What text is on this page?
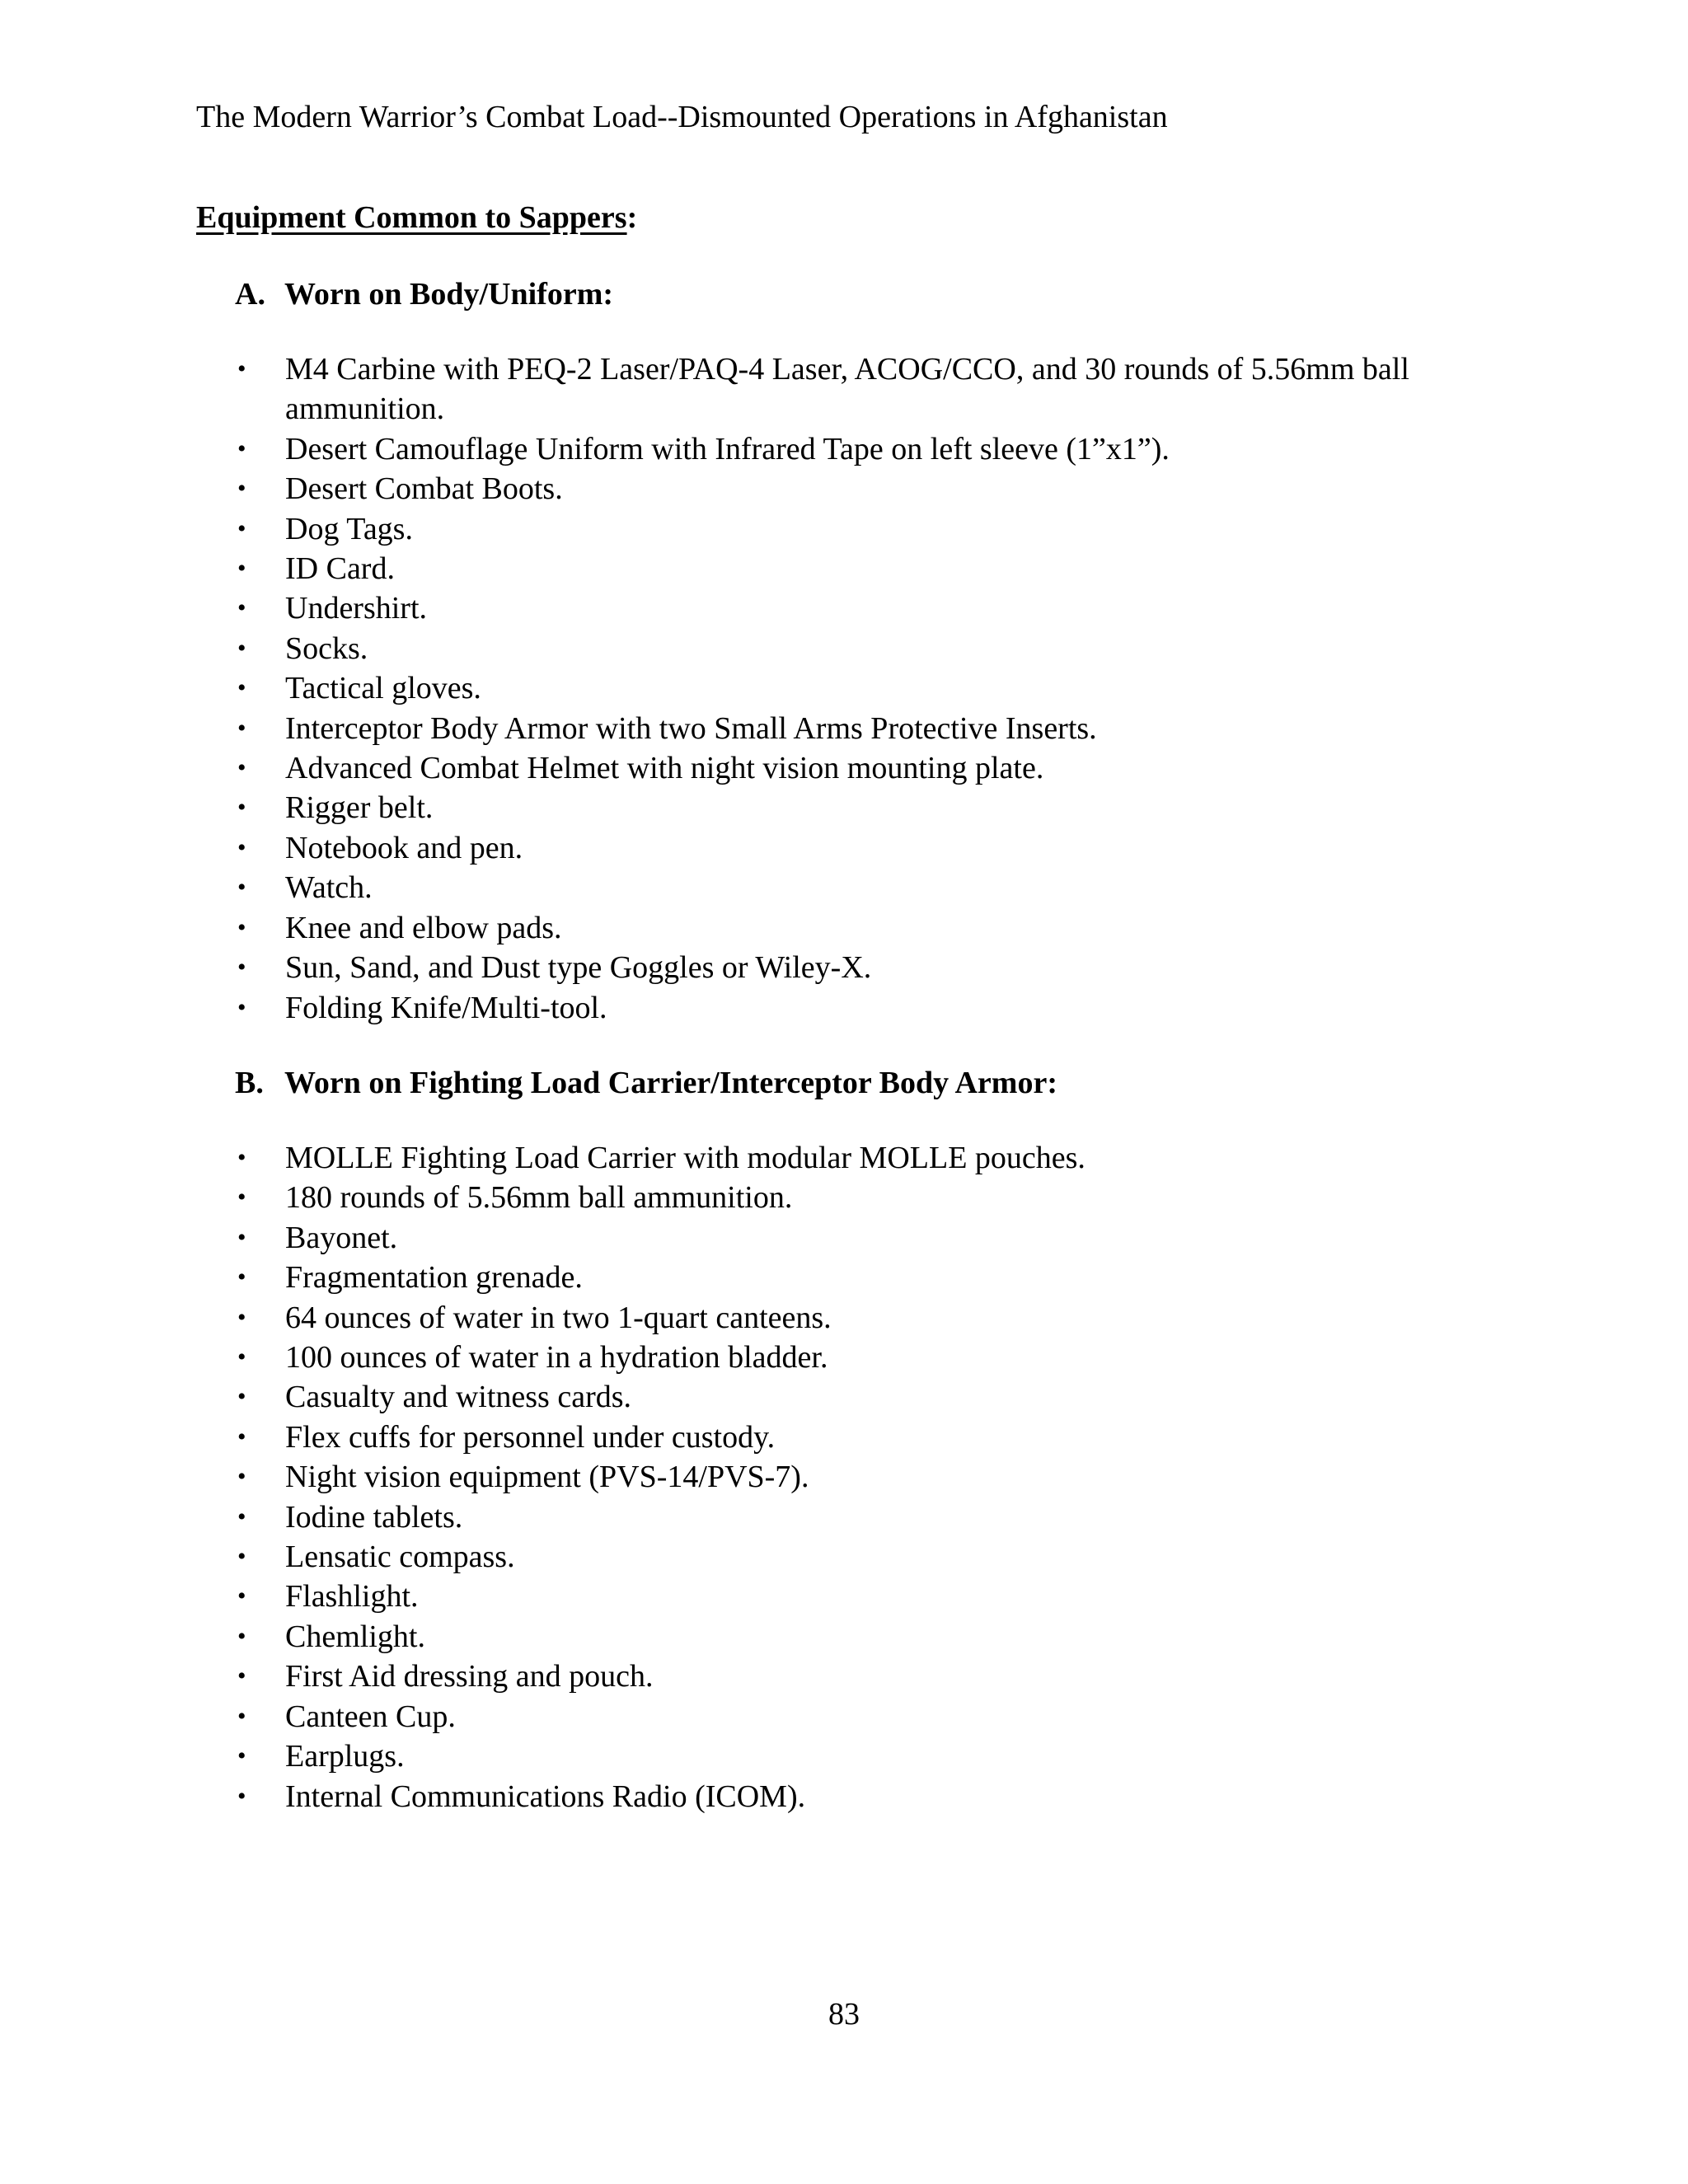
The Modern Warrior’s Combat Load--Dismounted Operations in Afghanistan
Equipment Common to Sappers:
A. Worn on Body/Uniform:
• M4 Carbine with PEQ-2 Laser/PAQ-4 Laser, ACOG/CCO, and 30 rounds of 5.56mm ball ammunition.
• Desert Camouflage Uniform with Infrared Tape on left sleeve (1”x1”).
• Desert Combat Boots.
• Dog Tags.
• ID Card.
• Undershirt.
• Socks.
• Tactical gloves.
• Interceptor Body Armor with two Small Arms Protective Inserts.
• Advanced Combat Helmet with night vision mounting plate.
• Rigger belt.
• Notebook and pen.
• Watch.
• Knee and elbow pads.
• Sun, Sand, and Dust type Goggles or Wiley-X.
• Folding Knife/Multi-tool.
B. Worn on Fighting Load Carrier/Interceptor Body Armor:
• MOLLE Fighting Load Carrier with modular MOLLE pouches.
• 180 rounds of 5.56mm ball ammunition.
• Bayonet.
• Fragmentation grenade.
• 64 ounces of water in two 1-quart canteens.
• 100 ounces of water in a hydration bladder.
• Casualty and witness cards.
• Flex cuffs for personnel under custody.
• Night vision equipment (PVS-14/PVS-7).
• Iodine tablets.
• Lensatic compass.
• Flashlight.
• Chemlight.
• First Aid dressing and pouch.
• Canteen Cup.
• Earplugs.
• Internal Communications Radio (ICOM).
83
